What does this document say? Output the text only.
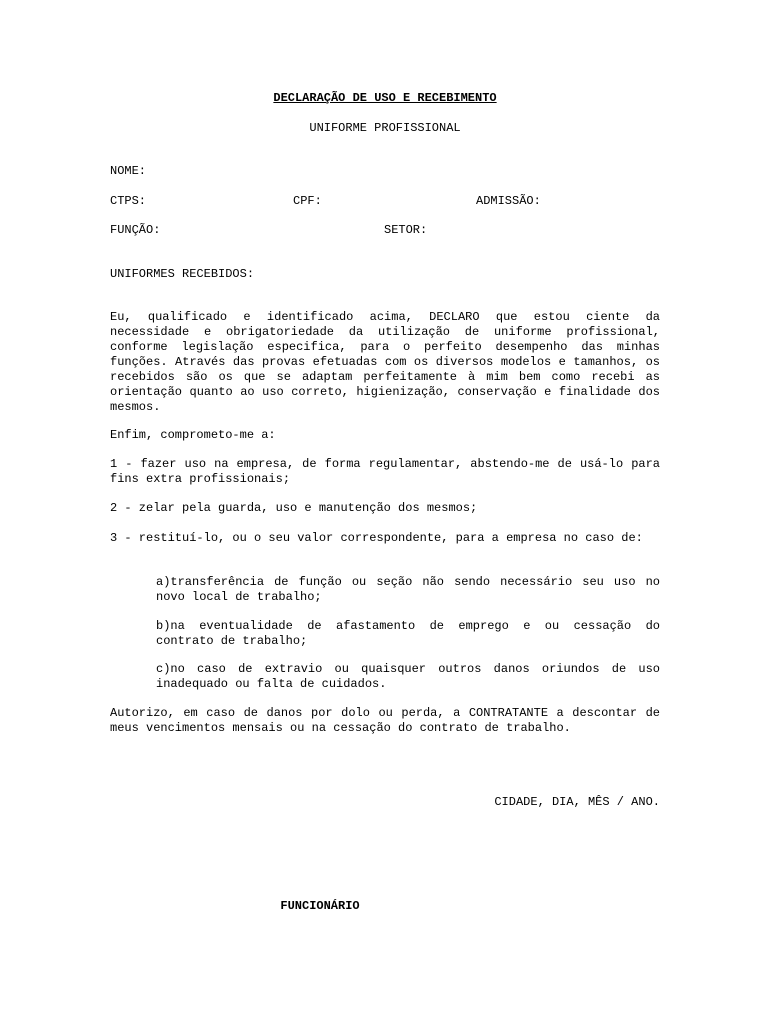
DECLARAÇÃO DE USO E RECEBIMENTO
UNIFORME PROFISSIONAL
NOME:
CTPS:	CPF:	ADMISSÃO:
FUNÇÃO:	SETOR:
UNIFORMES RECEBIDOS:
Eu, qualificado e identificado acima, DECLARO que estou ciente da necessidade e obrigatoriedade da utilização de uniforme profissional, conforme legislação especifica, para o perfeito desempenho das minhas funções. Através das provas efetuadas com os diversos modelos e tamanhos, os recebidos são os que se adaptam perfeitamente à mim bem como recebi as orientação quanto ao uso correto, higienização, conservação e finalidade dos mesmos.
Enfim, comprometo-me a:
1 - fazer uso na empresa, de forma regulamentar, abstendo-me de usá-lo para fins extra profissionais;
2 - zelar pela guarda, uso e manutenção dos mesmos;
3 - restituí-lo, ou o seu valor correspondente, para a empresa no caso de:
a)transferência de função ou seção não sendo necessário seu uso no novo local de trabalho;
b)na eventualidade de afastamento de emprego e ou cessação do contrato de trabalho;
c)no caso de extravio ou quaisquer outros danos oriundos de uso inadequado ou falta de cuidados.
Autorizo, em caso de danos por dolo ou perda, a CONTRATANTE a descontar de meus vencimentos mensais ou na cessação do contrato de trabalho.
CIDADE, DIA, MÊS / ANO.
FUNCIONÁRIO
